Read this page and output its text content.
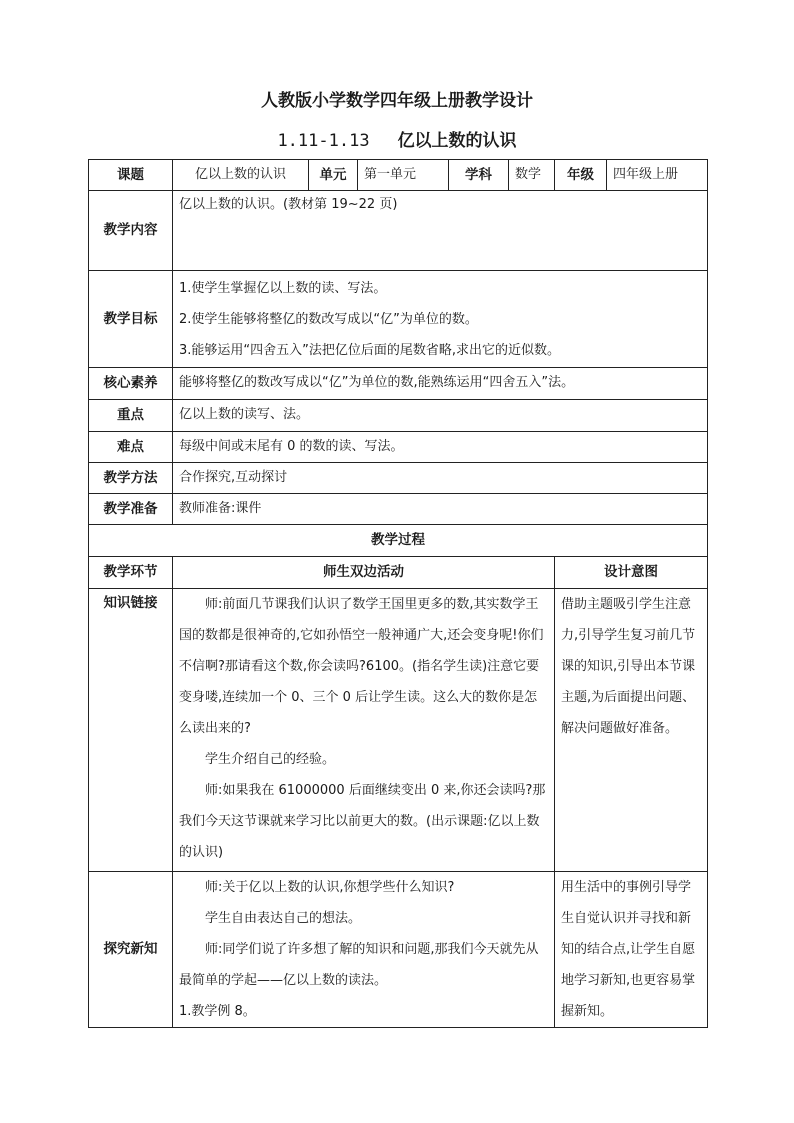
人教版小学数学四年级上册教学设计
1.11-1.13 亿以上数的认识
课题	亿以上数的认识	单元	第一单元	学科	数学	年级	四年级上册
教学内容	亿以上数的认识。(教材第 19~22 页)						
教学目标	1.使学生掌握亿以上数的读、写法。

2.使学生能够将整亿的数改写成以“亿”为单位的数。

3.能够运用“四舍五入”法把亿位后面的尾数省略,求出它的近似数。						

核心素养	能够将整亿的数改写成以“亿”为单位的数,能熟练运用“四舍五入”法。						
重点	亿以上数的读写、法。						
难点	每级中间或末尾有 0 的数的读、写法。						
教学方法	合作探究,互动探讨						
教学准备	教师准备:课件						
教学过程							
教学环节	师生双边活动					设计意图	
知识链接	师:前面几节课我们认识了数学王国里更多的数,其实数学王国的数都是很神奇的,它如孙悟空一般神通广大,还会变身呢!你们不信啊?那请看这个数,你会读吗?6100。(指名学生读)注意它要变身喽,连续加一个 0、三个 0 后让学生读。这么大的数你是怎么读出来的?

学生介绍自己的经验。

师:如果我在 61000000 后面继续变出 0 来,你还会读吗?那我们今天这节课就来学习比以前更大的数。(出示课题:亿以上数的认识)					借助主题吸引学生注意力,引导学生复习前几节课的知识,引导出本节课主题,为后面提出问题、解决问题做好准备。	

探究新知	师:关于亿以上数的认识,你想学些什么知识?

学生自由表达自己的想法。

师:同学们说了许多想了解的知识和问题,那我们今天就先从最简单的学起——亿以上数的读法。

1.教学例 8。					用生活中的事例引导学生自觉认识并寻找和新知的结合点,让学生自愿地学习新知,也更容易掌握新知。	
